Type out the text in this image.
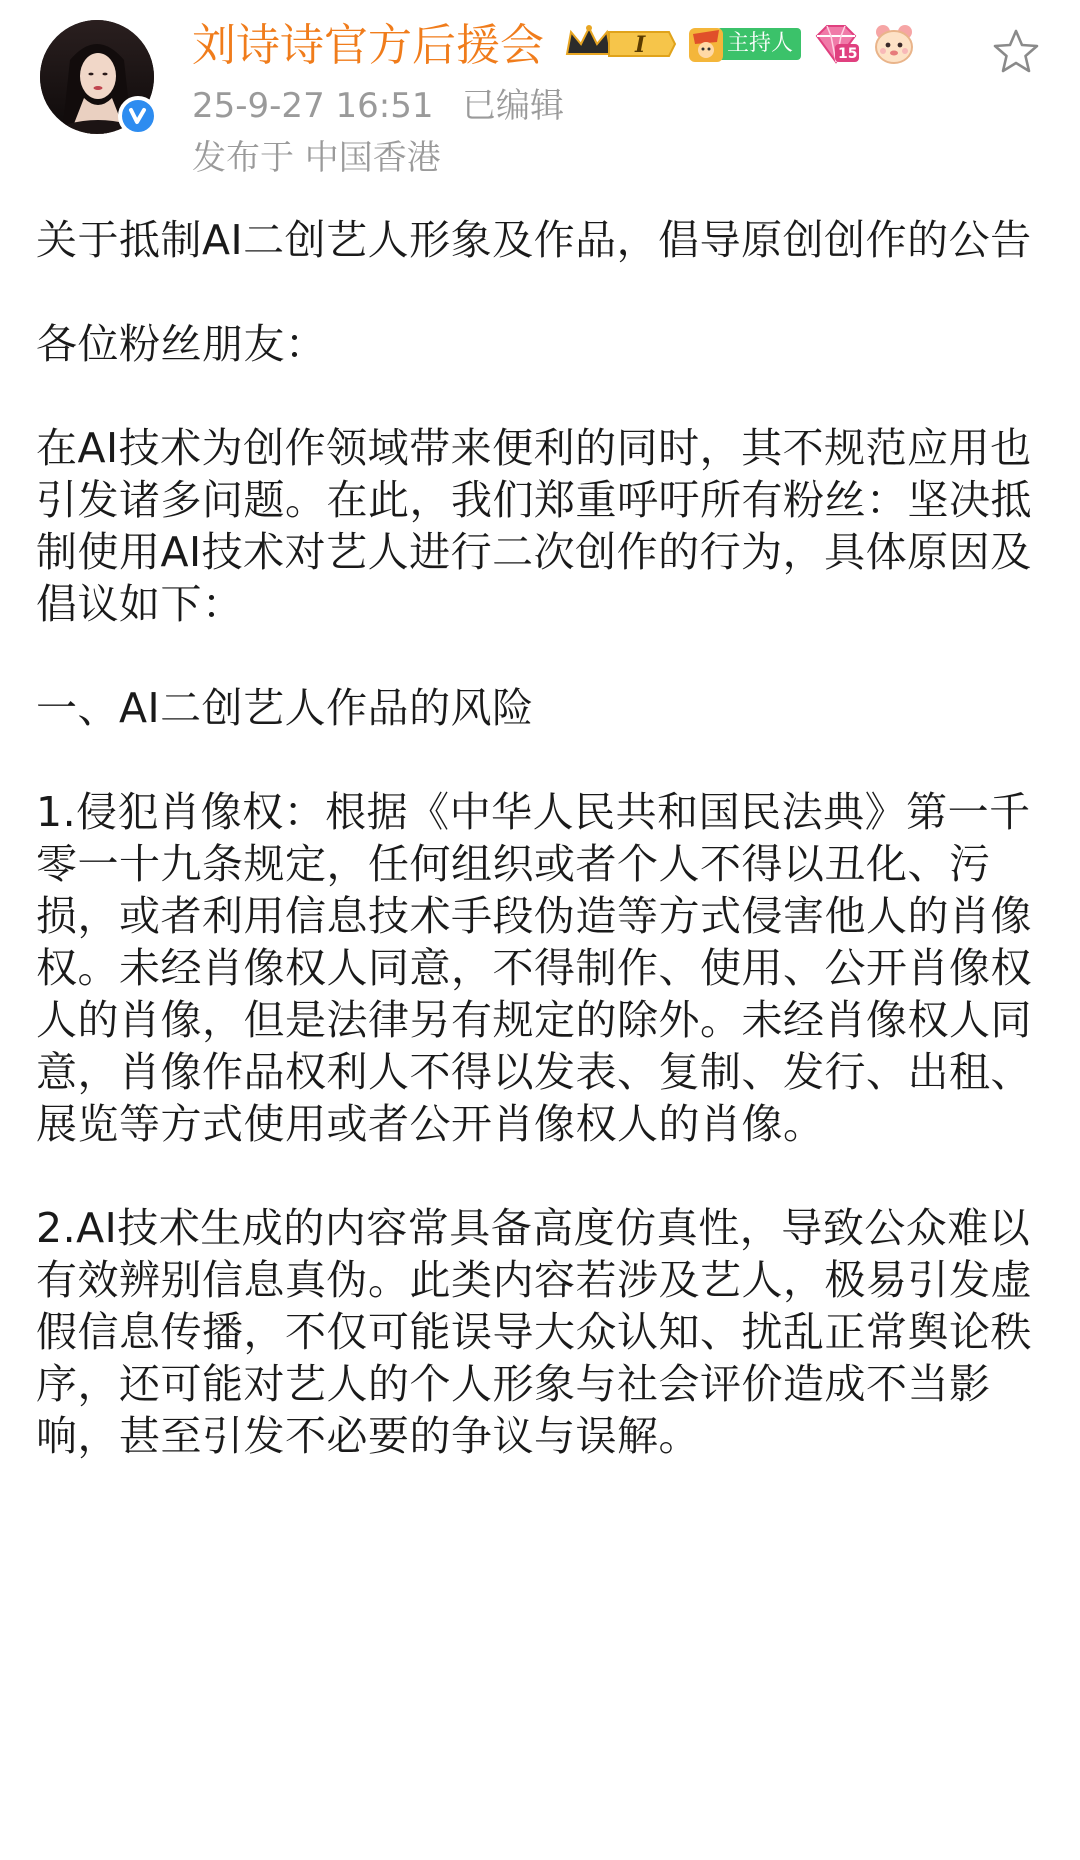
刘诗诗官方后援会	I	主持人	15
25-9-27 16:51 已编辑
发布于 中国香港

关于抵制AI二创艺人形象及作品，倡导原创创作的公告

各位粉丝朋友：

在AI技术为创作领域带来便利的同时，其不规范应用也引发诸多问题。在此，我们郑重呼吁所有粉丝：坚决抵制使用AI技术对艺人进行二次创作的行为，具体原因及倡议如下：

一、AI二创艺人作品的风险

1.侵犯肖像权：根据《中华人民共和国民法典》第一千零一十九条规定，任何组织或者个人不得以丑化、污损，或者利用信息技术手段伪造等方式侵害他人的肖像权。未经肖像权人同意，不得制作、使用、公开肖像权人的肖像，但是法律另有规定的除外。未经肖像权人同意，肖像作品权利人不得以发表、复制、发行、出租、展览等方式使用或者公开肖像权人的肖像。

2.AI技术生成的内容常具备高度仿真性，导致公众难以有效辨别信息真伪。此类内容若涉及艺人，极易引发虚假信息传播，不仅可能误导大众认知、扰乱正常舆论秩序，还可能对艺人的个人形象与社会评价造成不当影响，甚至引发不必要的争议与误解。
